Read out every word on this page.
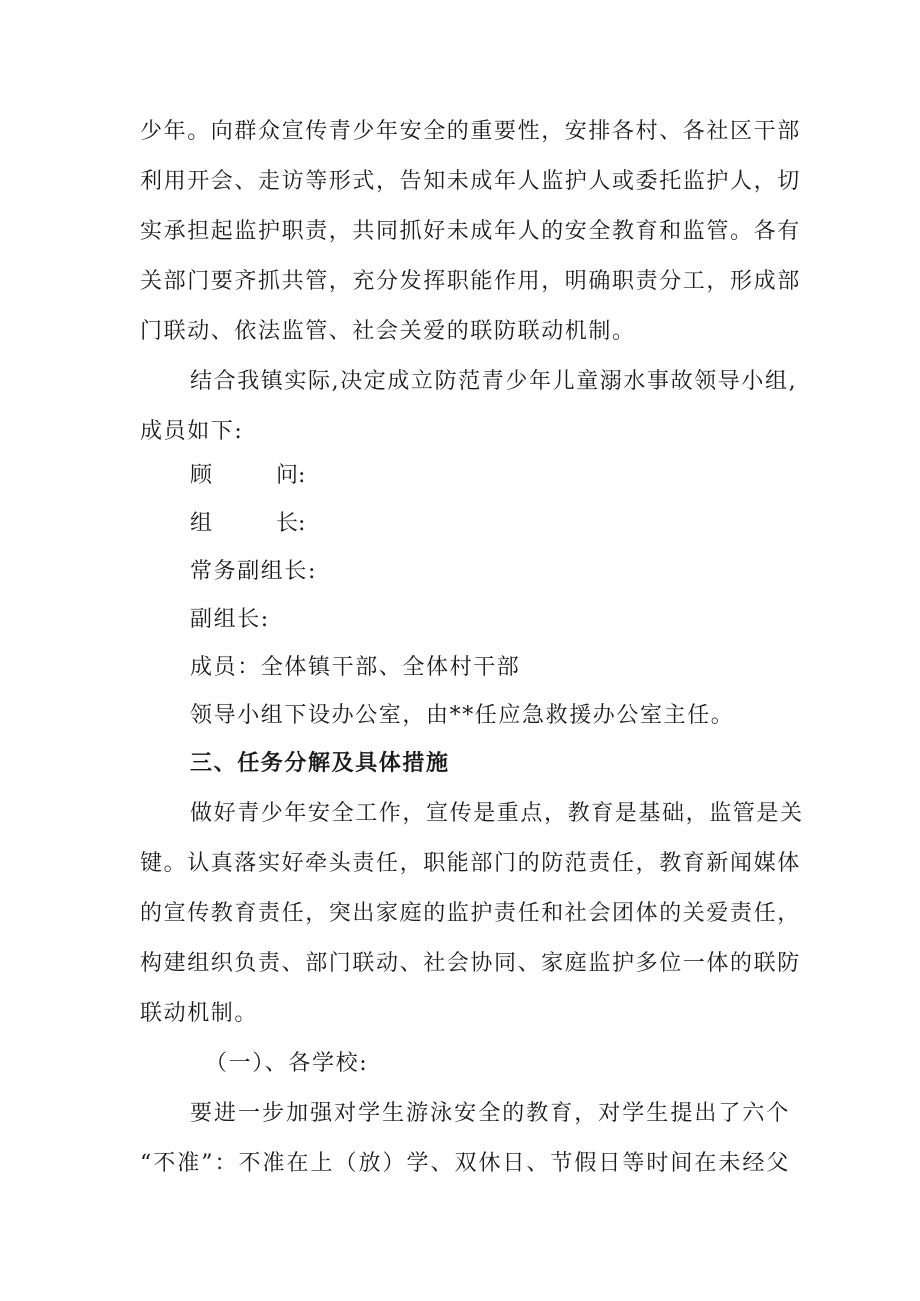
少年。向群众宣传青少年安全的重要性，安排各村、各社区干部
利用开会、走访等形式，告知未成年人监护人或委托监护人，切
实承担起监护职责，共同抓好未成年人的安全教育和监管。各有
关部门要齐抓共管，充分发挥职能作用，明确职责分工，形成部
门联动、依法监管、社会关爱的联防联动机制。
结合我镇实际,决定成立防范青少年儿童溺水事故领导小组,
成员如下:
顾	问:
组	长:
常务副组长:
副组长:
成员：全体镇干部、全体村干部
领导小组下设办公室，由**任应急救援办公室主任。
三、任务分解及具体措施
做好青少年安全工作，宣传是重点，教育是基础，监管是关
键。认真落实好牵头责任，职能部门的防范责任，教育新闻媒体
的宣传教育责任，突出家庭的监护责任和社会团体的关爱责任，
构建组织负责、部门联动、社会协同、家庭监护多位一体的联防
联动机制。
（一）、各学校:
要进一步加强对学生游泳安全的教育，对学生提出了六个
“不准”：不准在上（放）学、双休日、节假日等时间在未经父
